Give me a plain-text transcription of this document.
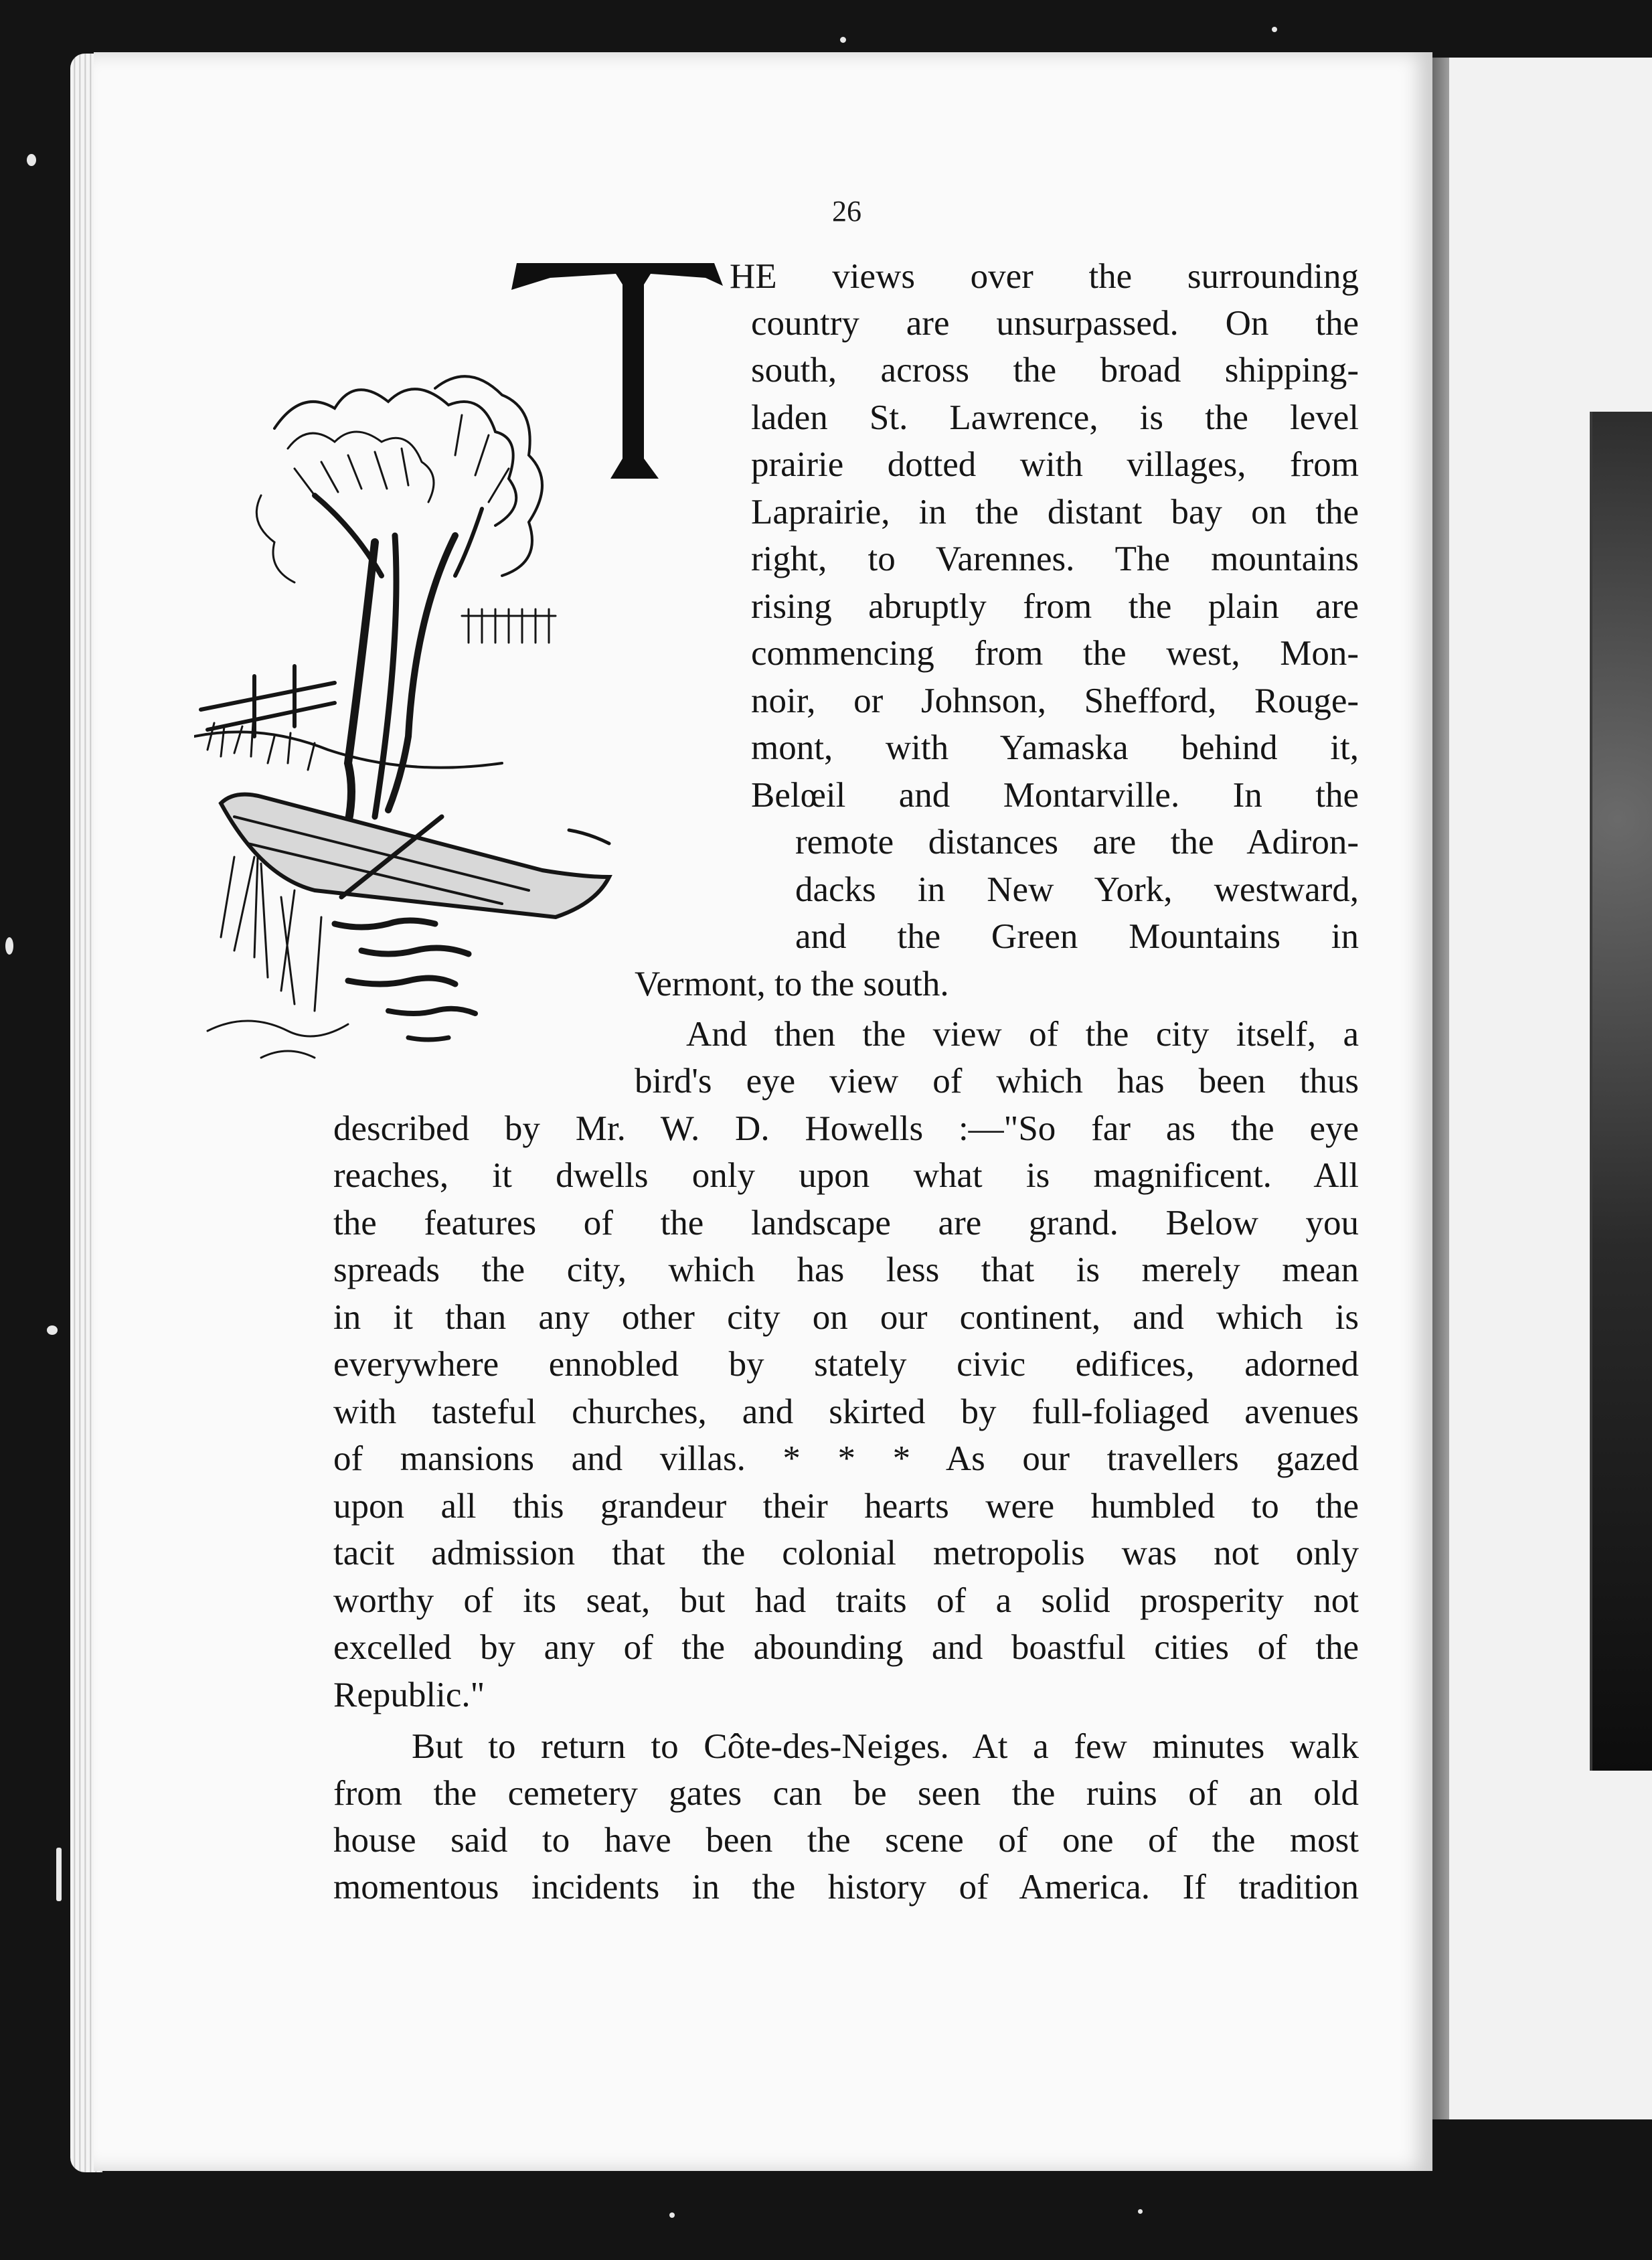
26
T
HE views over the surrounding
country are unsurpassed. On the
south, across the broad shipping-
laden St. Lawrence, is the level
prairie dotted with villages, from
Laprairie, in the distant bay on the
right, to Varennes. The mountains
rising abruptly from the plain are
commencing from the west, Mon-
noir, or Johnson, Shefford, Rouge-
mont, with Yamaska behind it,
Belœil and Montarville. In the
remote distances are the Adiron-
dacks in New York, westward,
and the Green Mountains in
Vermont, to the south.
And then the view of the city itself, a
bird's eye view of which has been thus
described by Mr. W. D. Howells :—"So far as the eye
reaches, it dwells only upon what is magnificent. All
the features of the landscape are grand. Below you
spreads the city, which has less that is merely mean
in it than any other city on our continent, and which is
everywhere ennobled by stately civic edifices, adorned
with tasteful churches, and skirted by full-foliaged avenues
of mansions and villas. * * * As our travellers gazed
upon all this grandeur their hearts were humbled to the
tacit admission that the colonial metropolis was not only
worthy of its seat, but had traits of a solid prosperity not
excelled by any of the abounding and boastful cities of the
Republic."
But to return to Côte-des-Neiges. At a few minutes walk
from the cemetery gates can be seen the ruins of an old
house said to have been the scene of one of the most
momentous incidents in the history of America. If tradition
